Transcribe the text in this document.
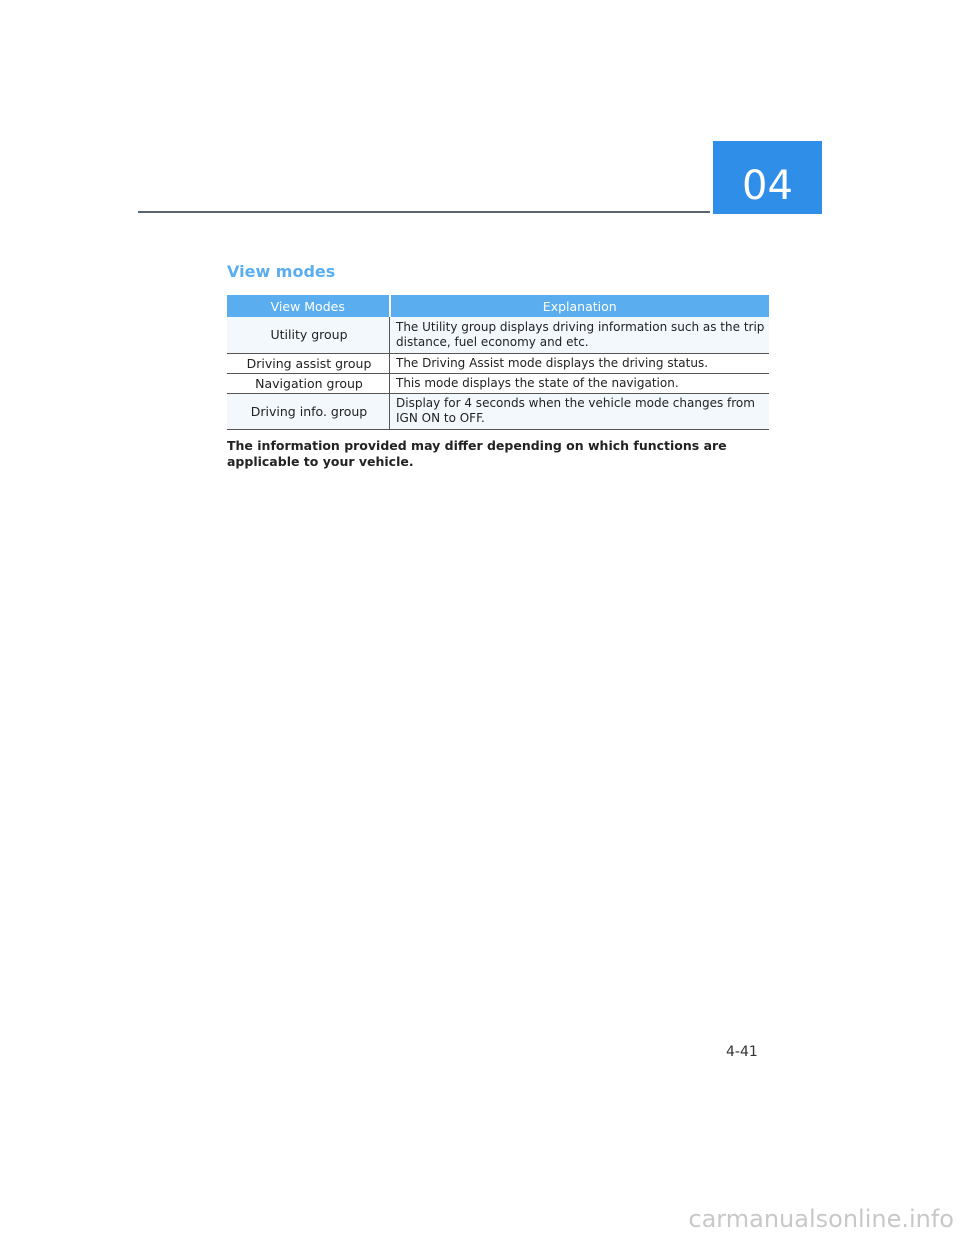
04
View modes
View Modes	Explanation
Utility group	The Utility group displays driving information such as the trip distance, fuel economy and etc.
Driving assist group	The Driving Assist mode displays the driving status.
Navigation group	This mode displays the state of the navigation.
Driving info. group	Display for 4 seconds when the vehicle mode changes from IGN ON to OFF.

The information provided may differ depending on which functions are applicable to your vehicle.

4-41
carmanualsonline.info
